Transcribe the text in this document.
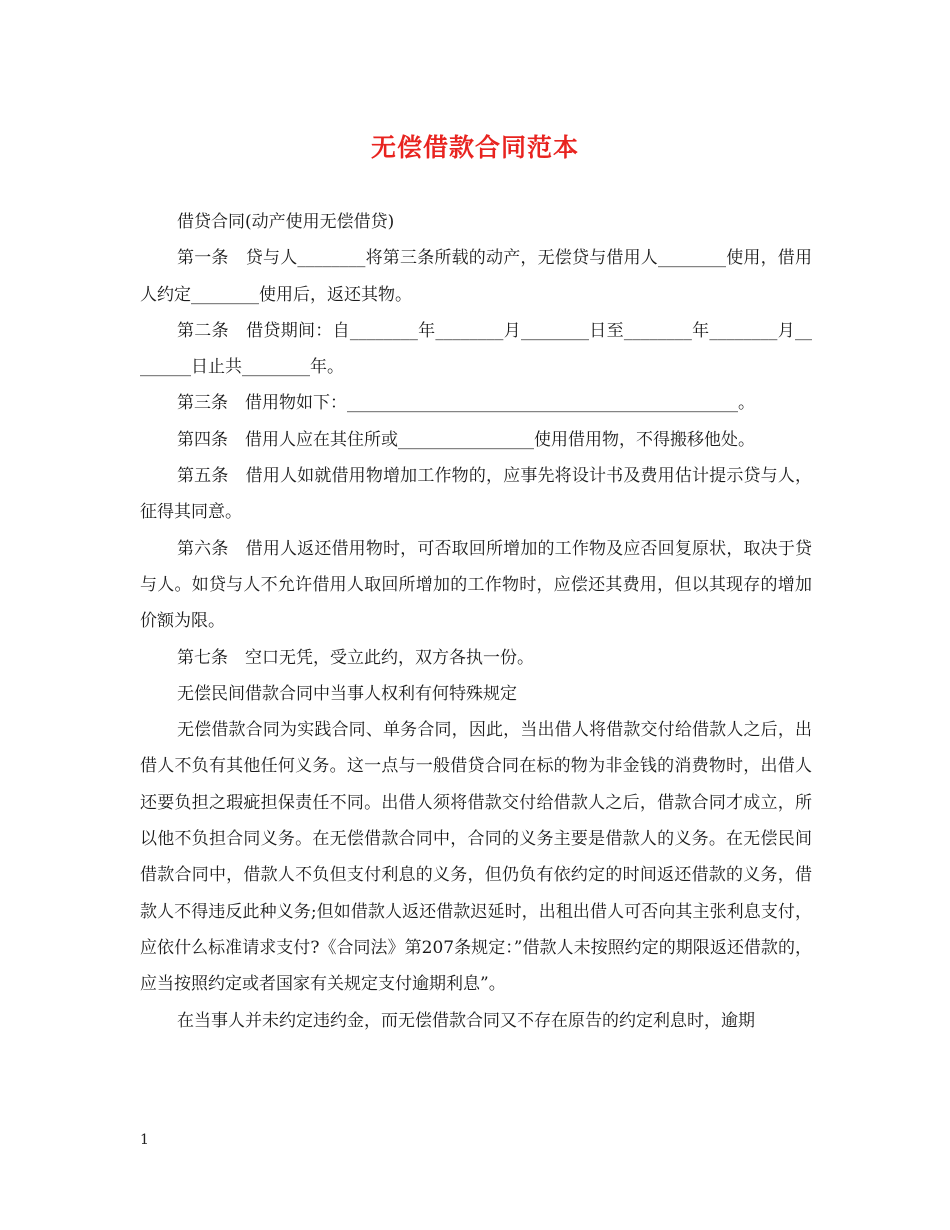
无偿借款合同范本

借贷合同(动产使用无偿借贷)

第一条　贷与人________将第三条所载的动产，无偿贷与借用人________使用，借用人约定________使用后，返还其物。

第二条　借贷期间：自________年________月________日至________年________月________日止共________年。

第三条　借用物如下：______________________________________________。

第四条　借用人应在其住所或________________使用借用物，不得搬移他处。

第五条　借用人如就借用物增加工作物的，应事先将设计书及费用估计提示贷与人，征得其同意。

第六条　借用人返还借用物时，可否取回所增加的工作物及应否回复原状，取决于贷与人。如贷与人不允许借用人取回所增加的工作物时，应偿还其费用，但以其现存的增加价额为限。

第七条　空口无凭，受立此约，双方各执一份。

无偿民间借款合同中当事人权利有何特殊规定

无偿借款合同为实践合同、单务合同，因此，当出借人将借款交付给借款人之后，出借人不负有其他任何义务。这一点与一般借贷合同在标的物为非金钱的消费物时，出借人还要负担之瑕疵担保责任不同。出借人须将借款交付给借款人之后，借款合同才成立，所以他不负担合同义务。在无偿借款合同中，合同的义务主要是借款人的义务。在无偿民间借款合同中，借款人不负但支付利息的义务，但仍负有依约定的时间返还借款的义务，借款人不得违反此种义务;但如借款人返还借款迟延时，出租出借人可否向其主张利息支付，应依什么标准请求支付?《合同法》第207条规定：”借款人未按照约定的期限返还借款的，应当按照约定或者国家有关规定支付逾期利息”。

在当事人并未约定违约金，而无偿借款合同又不存在原告的约定利息时，逾期

1
